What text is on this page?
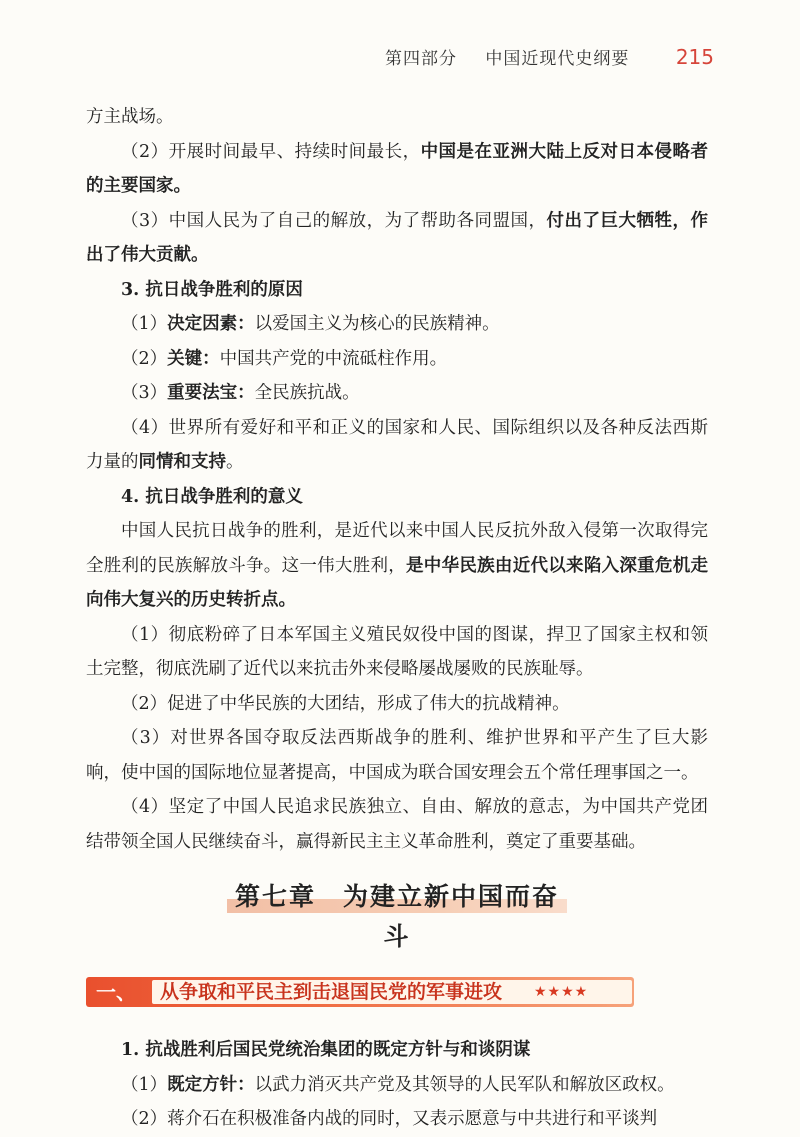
第四部分 中国近现代史纲要 215

方主战场。

（2）开展时间最早、持续时间最长，中国是在亚洲大陆上反对日本侵略者的主要国家。

（3）中国人民为了自己的解放，为了帮助各同盟国，付出了巨大牺牲，作出了伟大贡献。

3. 抗日战争胜利的原因

（1）决定因素：以爱国主义为核心的民族精神。

（2）关键：中国共产党的中流砥柱作用。

（3）重要法宝：全民族抗战。

（4）世界所有爱好和平和正义的国家和人民、国际组织以及各种反法西斯力量的同情和支持。

4. 抗日战争胜利的意义

中国人民抗日战争的胜利，是近代以来中国人民反抗外敌入侵第一次取得完全胜利的民族解放斗争。这一伟大胜利，是中华民族由近代以来陷入深重危机走向伟大复兴的历史转折点。

（1）彻底粉碎了日本军国主义殖民奴役中国的图谋，捍卫了国家主权和领土完整，彻底洗刷了近代以来抗击外来侵略屡战屡败的民族耻辱。

（2）促进了中华民族的大团结，形成了伟大的抗战精神。

（3）对世界各国夺取反法西斯战争的胜利、维护世界和平产生了巨大影响，使中国的国际地位显著提高，中国成为联合国安理会五个常任理事国之一。

（4）坚定了中国人民追求民族独立、自由、解放的意志，为中国共产党团结带领全国人民继续奋斗，赢得新民主主义革命胜利，奠定了重要基础。

第七章　为建立新中国而奋斗
一、 从争取和平民主到击退国民党的军事进攻 ★★★★

1. 抗战胜利后国民党统治集团的既定方针与和谈阴谋

（1）既定方针：以武力消灭共产党及其领导的人民军队和解放区政权。

（2）蒋介石在积极准备内战的同时，又表示愿意与中共进行和平谈判
